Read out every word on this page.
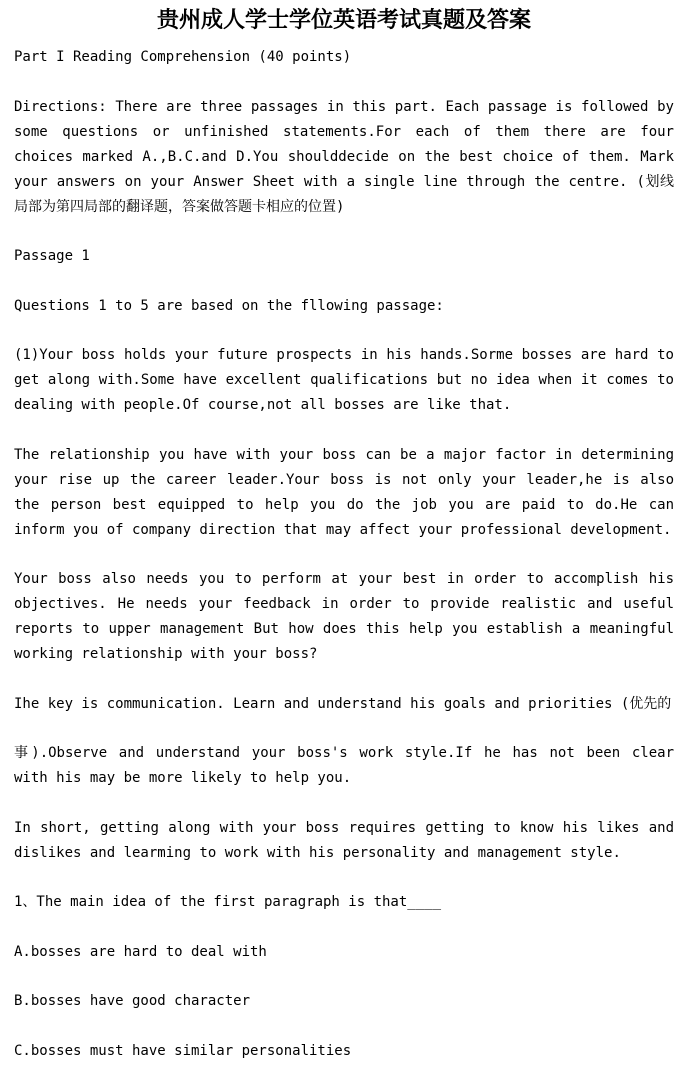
贵州成人学士学位英语考试真题及答案

Part I Reading Comprehension (40 points)

Directions: There are three passages in this part. Each passage is followed by some questions or unfinished statements.For each of them there are four choices marked A.,B.C.and D.You shoulddecide on the best choice of them. Mark your answers on your Answer Sheet with a single line through the centre. (划线局部为第四局部的翻译题，答案做答题卡相应的位置)

Passage 1

Questions 1 to 5 are based on the fllowing passage:

(1)Your boss holds your future prospects in his hands.Sorme bosses are hard to get along with.Some have excellent qualifications but no idea when it comes to dealing with people.Of course,not all bosses are like that.

The relationship you have with your boss can be a major factor in determining your rise up the career leader.Your boss is not only your leader,he is also the person best equipped to help you do the job you are paid to do.He can inform you of company direction that may affect your professional development.

Your boss also needs you to perform at your best in order to accomplish his objectives. He needs your feedback in order to provide realistic and useful reports to upper management But how does this help you establish a meaningful working relationship with your boss?

Ihe key is communication. Learn and understand his goals and priorities (优先的

事).Observe and understand your boss's work style.If he has not been clear with his may be more likely to help you.

In short, getting along with your boss requires getting to know his likes and dislikes and learming to work with his personality and management style.

1、The main idea of the first paragraph is that____

A.bosses are hard to deal with

B.bosses have good character

C.bosses must have similar personalities
